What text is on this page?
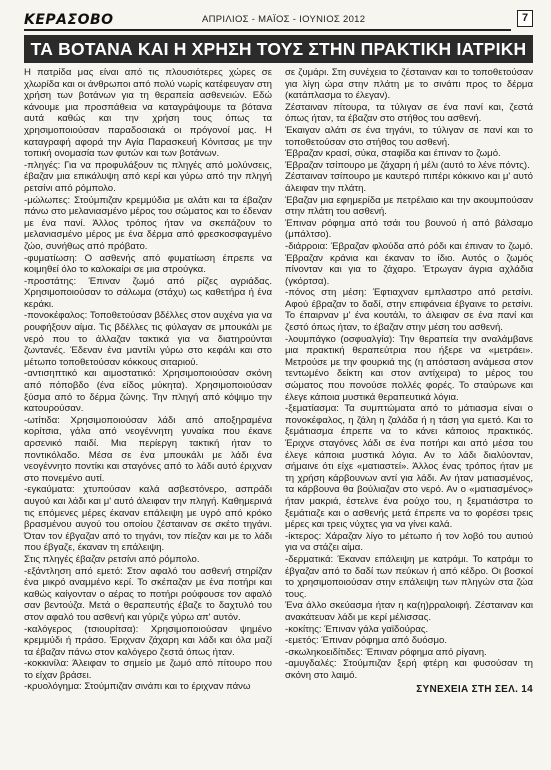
ΚΕΡΑΣΟΒΟ	ΑΠΡΙΛΙΟΣ - ΜΑΪΟΣ - ΙΟΥΝΙΟΣ 2012	7
ΤΑ ΒΟΤΑΝΑ ΚΑΙ Η ΧΡΗΣΗ ΤΟΥΣ ΣΤΗΝ ΠΡΑΚΤΙΚΗ ΙΑΤΡΙΚΗ

Η πατρίδα μας είναι από τις πλουσιότερες χώρες σε χλωρίδα και οι άνθρωποι από πολύ νωρίς κατέφευγαν στη χρήση των βοτάνων για τη θεραπεία ασθενειών. Εδώ κάνουμε μια προσπάθεια να καταγράψουμε τα βότανα αυτά καθώς και την χρήση τους όπως τα χρησιμοποιούσαν παραδοσιακά οι πρόγονοί μας. Η καταγραφή αφορά την Αγία Παρασκευή Κόνιτσας με την τοπική ονομασία των φυτών και των βοτάνων.

-πληγές: Για να προφυλάξουν τις πληγές από μολύνσεις, έβαζαν μια επικάλυψη από κερί και γύρω από την πληγή ρετσίνι από ρόμπολο.

-μώλωπες: Στούμπιζαν κρεμμύδια με αλάτι και τα έβαζαν πάνω στο μελανιασμένο μέρος του σώματος και το έδεναν με ένα πανί. Άλλος τρόπος ήταν να σκεπάζουν το μελανιασμένο μέρος με ένα δέρμα από φρεσκοσφαγμένο ζώο, συνήθως από πρόβατο.

-φυματίωση: Ο ασθενής από φυματίωση έπρεπε να κοιμηθεί όλο το καλοκαίρι σε μια στρούγκα.

-προστάτης: Έπιναν ζωμό από ρίζες αγριάδας. Χρησιμοποιούσαν το σάλωμα (στάχυ) ως καθετήρα ή ένα κεράκι.

-πονοκέφαλος: Τοποθετούσαν βδέλλες στον αυχένα για να ρουφήξουν αίμα. Τις βδέλλες τις φύλαγαν σε μπουκάλι με νερό που το άλλαζαν τακτικά για να διατηρούνται ζωντανές. Έδεναν ένα μαντίλι γύρω στο κεφάλι και στο μέτωπο τοποθετούσαν κόκκους σιταριού.

-αντισηπτικό και αιμοστατικό: Χρησιμοποιούσαν σκόνη από πόποβδο (ένα είδος μύκητα). Χρησιμοποιούσαν ξύσμα από το δέρμα ζώνης. Την πληγή από κόψιμο την κατουρούσαν.

-ωτίτιδα: Χρησιμοποιούσαν λάδι από αποξηραμένα κορίτσια, γάλα από νεογέννητη γυναίκα που έκανε αρσενικό παιδί. Μια περίεργη τακτική ήταν το ποντικόλαδο. Μέσα σε ένα μπουκάλι με λάδι ένα νεογέννητο ποντίκι και σταγόνες από το λάδι αυτό έριχναν στο πονεμένο αυτί.

-εγκαύματα: χτυπούσαν καλά ασβεστόνερο, ασπράδι αυγού και λάδι και μ' αυτό άλειφαν την πληγή. Καθημερινά τις επόμενες μέρες έκαναν επάλειψη με υγρό από κρόκο βρασμένου αυγού του οποίου ζέσταιναν σε σκέτο τηγάνι. Όταν τον έβγαζαν από το τηγάνι, τον πίεζαν και με το λάδι που έβγαζε, έκαναν τη επάλειψη.

Στις πληγές έβαζαν ρετσίνι από ρόμπολο.

-εξάντληση από εμετό: Στον αφαλό του ασθενή στηρίζαν ένα μικρό αναμμένο κερί. Το σκέπαζαν με ένα ποτήρι και καθώς καίγονταν ο αέρας το ποτήρι ρούφουσε τον αφαλό σαν βεντούζα. Μετά ο θεραπευτής έβαζε το δαχτυλό του στον αφαλό του ασθενή και γύριζε γύρω απ' αυτόν.

-καλόγερος (τσιουρίτσα): Χρησιμοποιούσαν ψημένο κρεμμύδι ή πράσο. Έριχναν ζάχαρη και λάδι και όλα μαζί τα έβαζαν πάνω στον καλόγερο ζεστά όπως ήταν.

-κοκκινίλα: Άλειφαν το σημείο με ζωμό από πίτουρο που το είχαν βράσει.

-κρυολόγημα: Στούμπιζαν σινάπι και το έριχναν πάνω

σε ζυμάρι. Στη συνέχεια το ζέσταιναν και το τοποθετούσαν για λίγη ώρα στην πλάτη με το σινάπι προς το δέρμα (κατάπλασμα το έλεγαν).

Ζέσταιναν πίτουρα, τα τύλιγαν σε ένα πανί και, ζεστά όπως ήταν, τα έβαζαν στο στήθος του ασθενή.

Έκαιγαν αλάτι σε ένα τηγάνι, το τύλιγαν σε πανί και το τοποθετούσαν στο στήθος του ασθενή.

Έβραζαν κρασί, σύκα, σταφίδα και έπιναν το ζωμό.

Έβραζαν τσίπουρο με ζάχαρη ή μέλι (αυτό το λένε πόντς).

Ζέσταιναν τσίπουρο με καυτερό πιπέρι κόκκινο και μ' αυτό άλειφαν την πλάτη.

Έβαζαν μια εφημερίδα με πετρέλαιο και την ακουμπούσαν στην πλάτη του ασθενή.

Έπιναν ρόφημα από τσάι του βουνού ή από βάλσαμο (μπάλτσο).

-διάρροια: Έβραζαν φλούδα από ρόδι και έπιναν το ζωμό. Έβραζαν κράνια και έκαναν το ίδιο. Αυτός ο ζωμός πίνονταν και για το ζάχαρο. Έτρωγαν άγρια αχλάδια (γκόρτσα).

-πόνος στη μέση: Έφτιαχναν εμπλαστρο από ρετσίνι. Αφού έβραζαν το δαδί, στην επιφάνεια έβγαινε το ρετσίνι. Το έπαιρναν μ' ένα κουτάλι, το άλειφαν σε ένα πανί και ζεστό όπως ήταν, το έβαζαν στην μέση του ασθενή.

-λουμπάγκο (οσφυαλγία): Την θεραπεία την αναλάμβανε μια πρακτική θεραπεύτρια που ήξερε να «μετράει». Μετρούσε με την φουρκιά της (η απόσταση ανάμεσα στον τεντωμένο δείκτη και στον αντίχειρα) το μέρος του σώματος που πονούσε πολλές φορές. Το σταύρωνε και έλεγε κάποια μυστικά θεραπευτικά λόγια.

-ξεματίασμα: Τα συμπτώματα από το μάτιασμα είναι ο πονοκέφαλος, η ζάλη η ζαλάδα ή η τάση για εμετό. Και το ξεμάτιασμα έπρεπε να το κάνει κάποιος πρακτικός. Έριχνε σταγόνες λάδι σε ένα ποτήρι και από μέσα του έλεγε κάποια μυστικά λόγια. Αν το λάδι διαλύονταν, σήμαινε ότι είχε «ματιαστεί». Άλλος ένας τρόπος ήταν με τη χρήση κάρβουνων αντί για λάδι. Αν ήταν ματιασμένος, τα κάρβουνα θα βούλιαζαν στο νερό. Αν ο «ματιασμένος» ήταν μακριά, έστελνε ένα ρούχο του, η ξεματιάστρα το ξεμάτιαζε και ο ασθενής μετά έπρεπε να το φορέσει τρεις μέρες και τρεις νύχτες για να γίνει καλά.

-ίκτερος: Χάραζαν λίγο το μέτωπο ή τον λοβό του αυτιού για να στάζει αίμα.

-δερματικά: Έκαναν επάλειψη με κατράμι. Το κατράμι το έβγαζαν από το δαδί των πεύκων ή από κέδρο. Οι βοσκοί το χρησιμοποιούσαν στην επάλειψη των πληγών στα ζώα τους.

Ένα άλλο σκεύασμα ήταν η κα(η)ρραλοιφή. Ζέσταιναν και ανακάτευαν λάδι με κερί μέλισσας.

-κοκίτης: Έπιναν γάλα γαϊδούρας.

-εμετός: Έπιναν ρόφημα από δυόσμο.

-σκωληκοειδίτιδες: Έπιναν ρόφημα από ρίγανη.

-αμυγδαλές: Στούμπιζαν ξερή φτέρη και φυσούσαν τη σκόνη στο λαιμό.

ΣΥΝΕΧΕΙΑ ΣΤΗ ΣΕΛ. 14
